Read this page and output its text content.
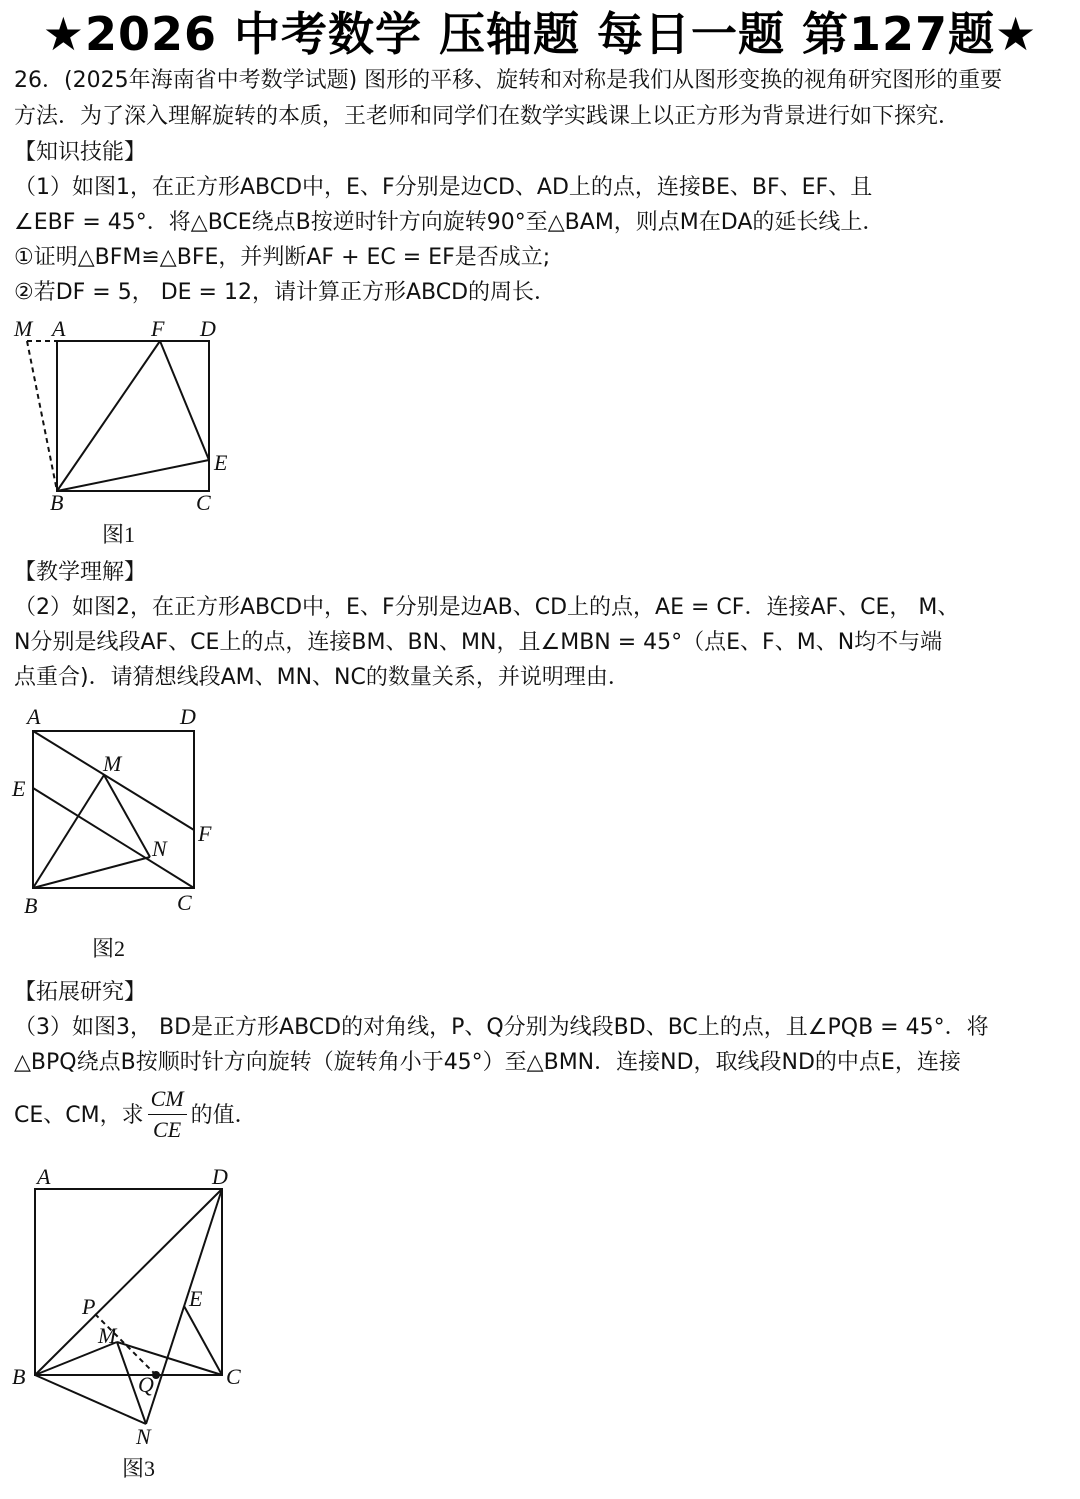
★2026 中考数学 压轴题 每日一题 第127题★
26．(2025年海南省中考数学试题) 图形的平移、旋转和对称是我们从图形变换的视角研究图形的重要
方法．为了深入理解旋转的本质，王老师和同学们在数学实践课上以正方形为背景进行如下探究．
【知识技能】
（1）如图1，在正方形ABCD中，E、F分别是边CD、AD上的点，连接BE、BF、EF、且
∠EBF = 45°．将△BCE绕点B按逆时针方向旋转90°至△BAM，则点M在DA的延长线上．
①证明△BFM≌△BFE，并判断AF + EC = EF是否成立;
②若DF = 5， DE = 12，请计算正方形ABCD的周长．
M A	F D
E
B	C
图1
【教学理解】
（2）如图2，在正方形ABCD中，E、F分别是边AB、CD上的点，AE = CF．连接AF、CE， M、
N分别是线段AF、CE上的点，连接BM、BN、MN，且∠MBN = 45°（点E、F、M、N均不与端
点重合)．请猜想线段AM、MN、NC的数量关系，并说明理由．
A	D
M
E
F
N
B	C
图2
【拓展研究】
（3）如图3， BD是正方形ABCD的对角线，P、Q分别为线段BD、BC上的点，且∠PQB = 45°．将
△BPQ绕点B按顺时针方向旋转（旋转角小于45°）至△BMN．连接ND，取线段ND的中点E，连接
CE、CM，求 $\frac{CM}{CE}$ 的值．
A	D
E
P
M
B	C
Q
N
图3
